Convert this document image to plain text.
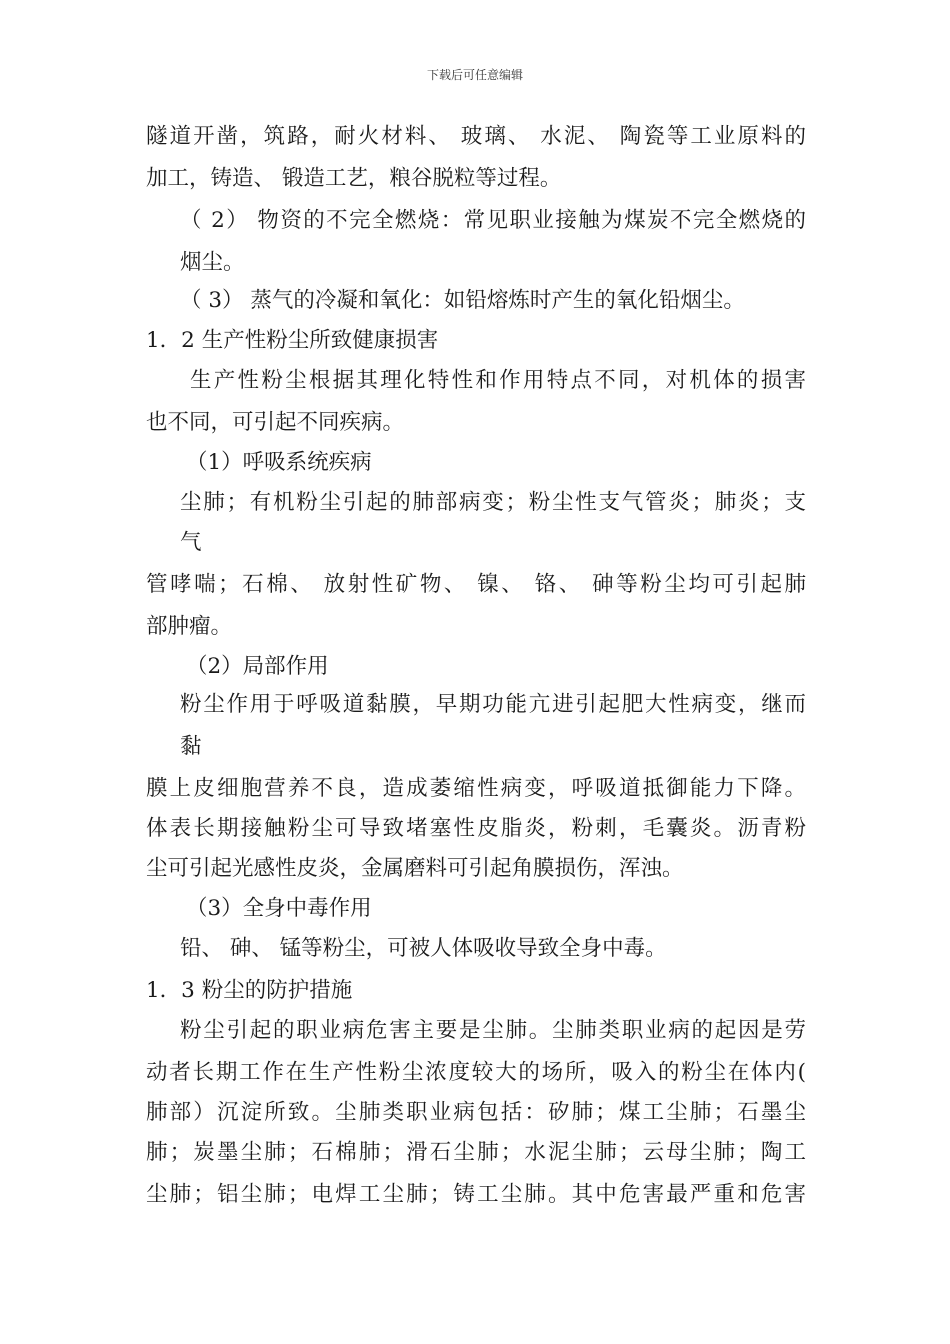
下载后可任意编辑
隧道开凿，筑路，耐火材料、 玻璃、 水泥、 陶瓷等工业原料的
加工，铸造、 锻造工艺，粮谷脱粒等过程。
（ 2） 物资的不完全燃烧：常见职业接触为煤炭不完全燃烧的
烟尘。
（ 3） 蒸气的冷凝和氧化：如铅熔炼时产生的氧化铅烟尘。
1．2 生产性粉尘所致健康损害
生产性粉尘根据其理化特性和作用特点不同，对机体的损害
也不同，可引起不同疾病。
（1）呼吸系统疾病
尘肺；有机粉尘引起的肺部病变；粉尘性支气管炎；肺炎；支
气
管哮喘；石棉、 放射性矿物、 镍、 铬、 砷等粉尘均可引起肺
部肿瘤。
（2）局部作用
粉尘作用于呼吸道黏膜，早期功能亢进引起肥大性病变，继而
黏
膜上皮细胞营养不良，造成萎缩性病变，呼吸道抵御能力下降。
体表长期接触粉尘可导致堵塞性皮脂炎，粉刺，毛囊炎。沥青粉
尘可引起光感性皮炎，金属磨料可引起角膜损伤，浑浊。
（3）全身中毒作用
铅、 砷、 锰等粉尘，可被人体吸收导致全身中毒。
1．3 粉尘的防护措施
粉尘引起的职业病危害主要是尘肺。尘肺类职业病的起因是劳
动者长期工作在生产性粉尘浓度较大的场所，吸入的粉尘在体内(
肺部）沉淀所致。尘肺类职业病包括：矽肺；煤工尘肺；石墨尘
肺；炭墨尘肺；石棉肺；滑石尘肺；水泥尘肺；云母尘肺；陶工
尘肺；铝尘肺；电焊工尘肺；铸工尘肺。其中危害最严重和危害
